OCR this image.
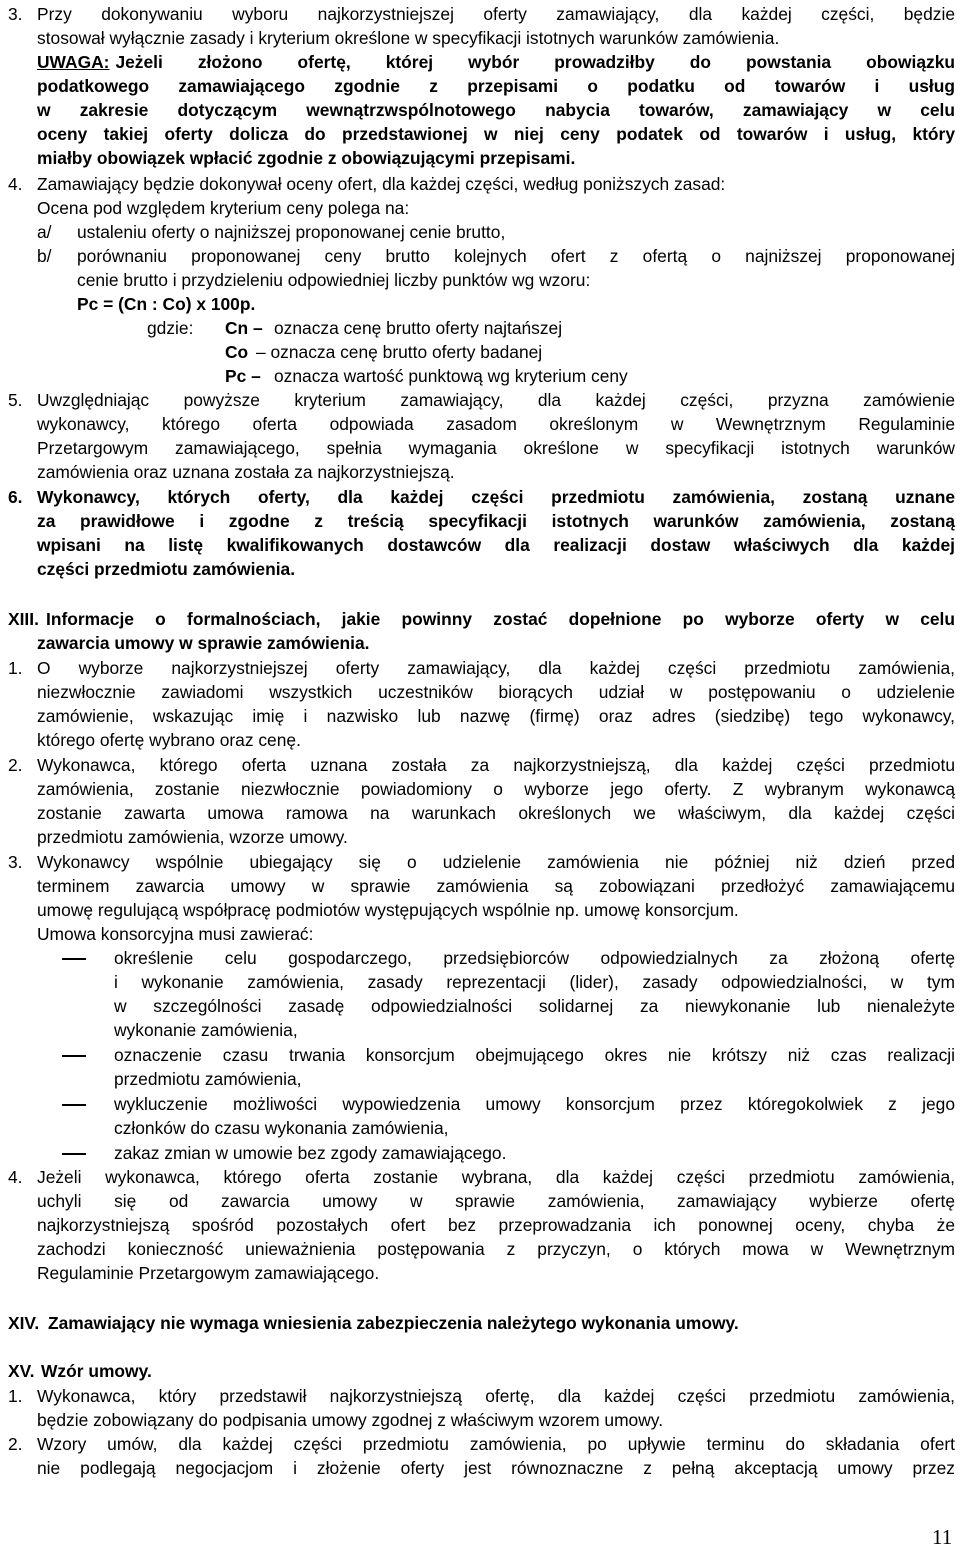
3. Przy dokonywaniu wyboru najkorzystniejszej oferty zamawiający, dla każdej części, będzie
stosował wyłącznie zasady i kryterium określone w specyfikacji istotnych warunków zamówienia.
UWAGA: Jeżeli złożono ofertę, której wybór prowadziłby do powstania obowiązku
podatkowego zamawiającego zgodnie z przepisami o podatku od towarów i usług
w zakresie dotyczącym wewnątrzwspólnotowego nabycia towarów, zamawiający w celu
oceny takiej oferty dolicza do przedstawionej w niej ceny podatek od towarów i usług, który
miałby obowiązek wpłacić zgodnie z obowiązującymi przepisami.
4. Zamawiający będzie dokonywał oceny ofert, dla każdej części, według poniższych zasad:
Ocena pod względem kryterium ceny polega na:
a/ ustaleniu oferty o najniższej proponowanej cenie brutto,
b/ porównaniu proponowanej ceny brutto kolejnych ofert z ofertą o najniższej proponowanej
cenie brutto i przydzieleniu odpowiedniej liczby punktów wg wzoru:
Pc = (Cn : Co) x 100p.
gdzie: Cn – oznacza cenę brutto oferty najtańszej
Co – oznacza cenę brutto oferty badanej
Pc – oznacza wartość punktową wg kryterium ceny
5. Uwzględniając powyższe kryterium zamawiający, dla każdej części, przyzna zamówienie
wykonawcy, którego oferta odpowiada zasadom określonym w Wewnętrznym Regulaminie
Przetargowym zamawiającego, spełnia wymagania określone w specyfikacji istotnych warunków
zamówienia oraz uznana została za najkorzystniejszą.
6. Wykonawcy, których oferty, dla każdej części przedmiotu zamówienia, zostaną uznane
za prawidłowe i zgodne z treścią specyfikacji istotnych warunków zamówienia, zostaną
wpisani na listę kwalifikowanych dostawców dla realizacji dostaw właściwych dla każdej
części przedmiotu zamówienia.
XIII. Informacje o formalnościach, jakie powinny zostać dopełnione po wyborze oferty w celu
zawarcia umowy w sprawie zamówienia.
1. O wyborze najkorzystniejszej oferty zamawiający, dla każdej części przedmiotu zamówienia,
niezwłocznie zawiadomi wszystkich uczestników biorących udział w postępowaniu o udzielenie
zamówienie, wskazując imię i nazwisko lub nazwę (firmę) oraz adres (siedzibę) tego wykonawcy,
którego ofertę wybrano oraz cenę.
2. Wykonawca, którego oferta uznana została za najkorzystniejszą, dla każdej części przedmiotu
zamówienia, zostanie niezwłocznie powiadomiony o wyborze jego oferty. Z wybranym wykonawcą
zostanie zawarta umowa ramowa na warunkach określonych we właściwym, dla każdej części
przedmiotu zamówienia, wzorze umowy.
3. Wykonawcy wspólnie ubiegający się o udzielenie zamówienia nie później niż dzień przed
terminem zawarcia umowy w sprawie zamówienia są zobowiązani przedłożyć zamawiającemu
umowę regulującą współpracę podmiotów występujących wspólnie np. umowę konsorcjum.
Umowa konsorcyjna musi zawierać:
określenie celu gospodarczego, przedsiębiorców odpowiedzialnych za złożoną ofertę
i wykonanie zamówienia, zasady reprezentacji (lider), zasady odpowiedzialności, w tym
w szczególności zasadę odpowiedzialności solidarnej za niewykonanie lub nienależyte
wykonanie zamówienia,
oznaczenie czasu trwania konsorcjum obejmującego okres nie krótszy niż czas realizacji
przedmiotu zamówienia,
wykluczenie możliwości wypowiedzenia umowy konsorcjum przez któregokolwiek z jego
członków do czasu wykonania zamówienia,
zakaz zmian w umowie bez zgody zamawiającego.
4. Jeżeli wykonawca, którego oferta zostanie wybrana, dla każdej części przedmiotu zamówienia,
uchyli się od zawarcia umowy w sprawie zamówienia, zamawiający wybierze ofertę
najkorzystniejszą spośród pozostałych ofert bez przeprowadzania ich ponownej oceny, chyba że
zachodzi konieczność unieważnienia postępowania z przyczyn, o których mowa w Wewnętrznym
Regulaminie Przetargowym zamawiającego.
XIV. Zamawiający nie wymaga wniesienia zabezpieczenia należytego wykonania umowy.
XV. Wzór umowy.
1. Wykonawca, który przedstawił najkorzystniejszą ofertę, dla każdej części przedmiotu zamówienia,
będzie zobowiązany do podpisania umowy zgodnej z właściwym wzorem umowy.
2. Wzory umów, dla każdej części przedmiotu zamówienia, po upływie terminu do składania ofert
nie podlegają negocjacjom i złożenie oferty jest równoznaczne z pełną akceptacją umowy przez
11
